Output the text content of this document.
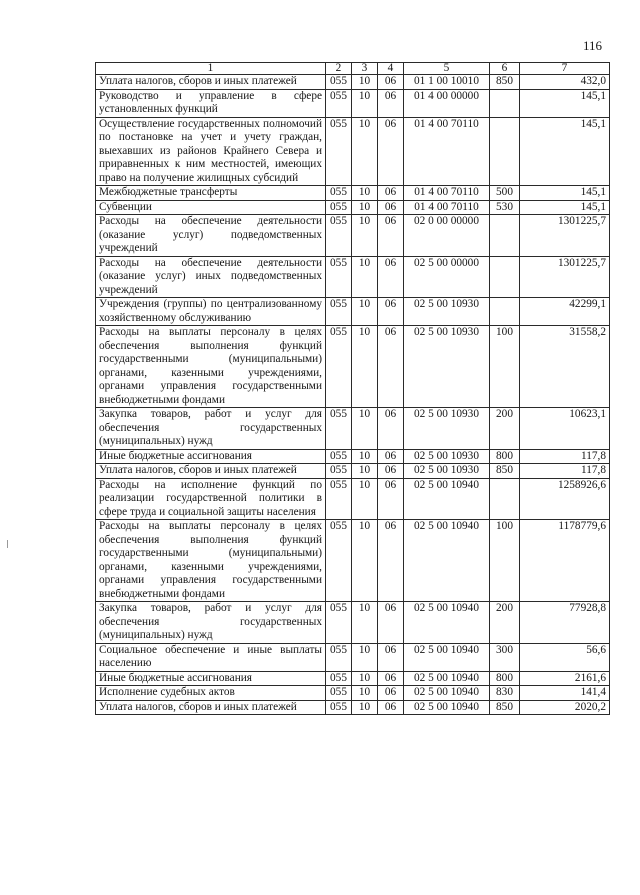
116
1	2	3	4	5	6	7
Уплата налогов, сборов и иных платежей	055	10	06	01 1 00 10010	850	432,0
Руководство и управление в сфере установленных функций	055	10	06	01 4 00 00000		145,1
Осуществление государственных полномочий по постановке на учет и учету граждан, выехавших из районов Крайнего Севера и приравненных к ним местностей, имеющих право на получение жилищных субсидий	055	10	06	01 4 00 70110		145,1
Межбюджетные трансферты	055	10	06	01 4 00 70110	500	145,1
Субвенции	055	10	06	01 4 00 70110	530	145,1
Расходы на обеспечение деятельности (оказание услуг) подведомственных учреждений	055	10	06	02 0 00 00000		1301225,7
Расходы на обеспечение деятельности (оказание услуг) иных подведомственных учреждений	055	10	06	02 5 00 00000		1301225,7
Учреждения (группы) по централизованному хозяйственному обслуживанию	055	10	06	02 5 00 10930		42299,1
Расходы на выплаты персоналу в целях обеспечения выполнения функций государственными (муниципальными) органами, казенными учреждениями, органами управления государственными внебюджетными фондами	055	10	06	02 5 00 10930	100	31558,2
Закупка товаров, работ и услуг для обеспечения государственных (муниципальных) нужд	055	10	06	02 5 00 10930	200	10623,1
Иные бюджетные ассигнования	055	10	06	02 5 00 10930	800	117,8
Уплата налогов, сборов и иных платежей	055	10	06	02 5 00 10930	850	117,8
Расходы на исполнение функций по реализации государственной политики в сфере труда и социальной защиты населения	055	10	06	02 5 00 10940		1258926,6
Расходы на выплаты персоналу в целях обеспечения выполнения функций государственными (муниципальными) органами, казенными учреждениями, органами управления государственными внебюджетными фондами	055	10	06	02 5 00 10940	100	1178779,6
Закупка товаров, работ и услуг для обеспечения государственных (муниципальных) нужд	055	10	06	02 5 00 10940	200	77928,8
Социальное обеспечение и иные выплаты населению	055	10	06	02 5 00 10940	300	56,6
Иные бюджетные ассигнования	055	10	06	02 5 00 10940	800	2161,6
Исполнение судебных актов	055	10	06	02 5 00 10940	830	141,4
Уплата налогов, сборов и иных платежей	055	10	06	02 5 00 10940	850	2020,2
